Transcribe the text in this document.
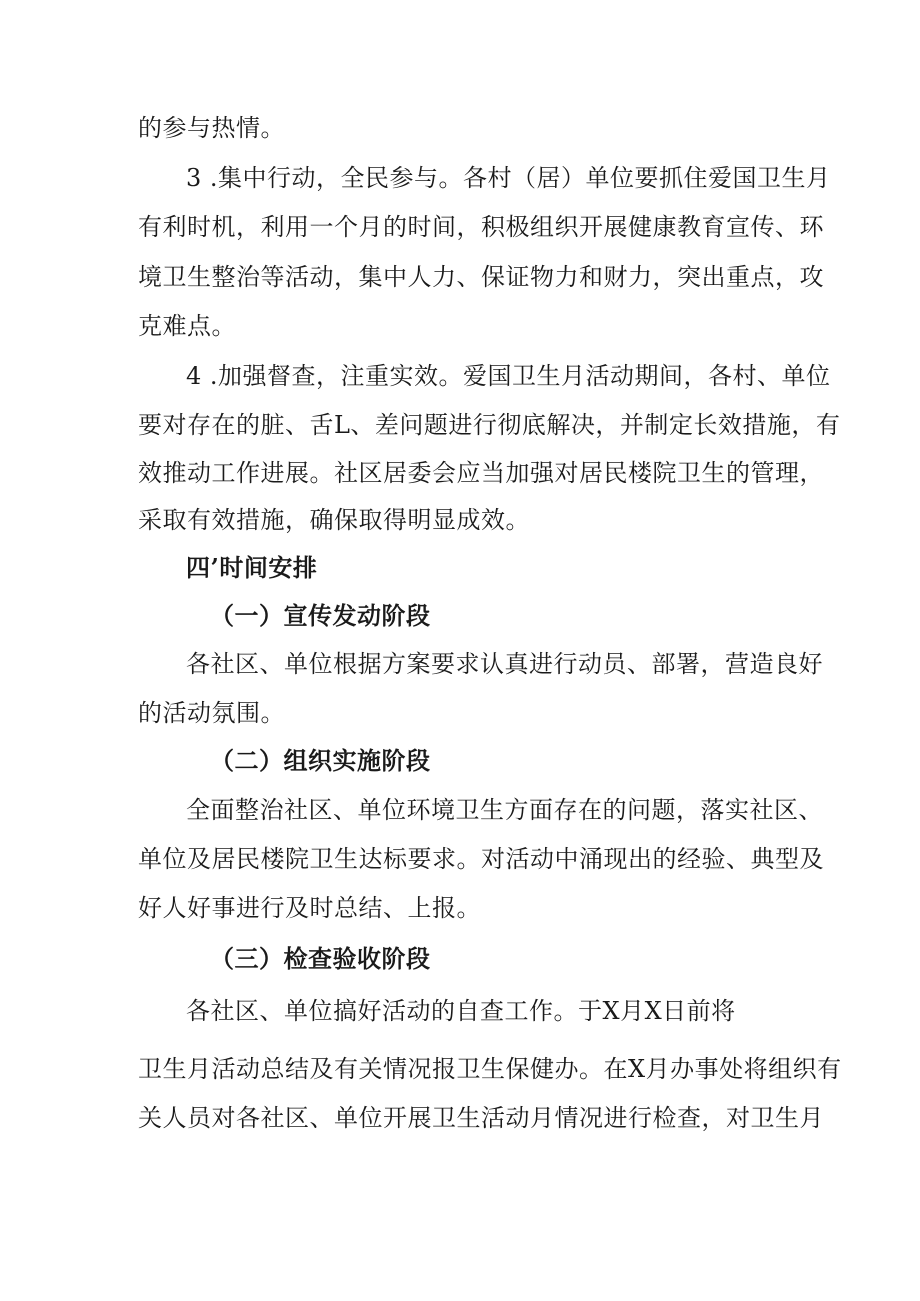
的参与热情。
3 .集中行动，全民参与。各村（居）单位要抓住爱国卫生月
有利时机，利用一个月的时间，积极组织开展健康教育宣传、环
境卫生整治等活动，集中人力、保证物力和财力，突出重点，攻
克难点。
4 .加强督查，注重实效。爱国卫生月活动期间，各村、单位
要对存在的脏、舌L、差问题进行彻底解决，并制定长效措施，有
效推动工作进展。社区居委会应当加强对居民楼院卫生的管理，
采取有效措施，确保取得明显成效。
四’时间安排
（一）宣传发动阶段
各社区、单位根据方案要求认真进行动员、部署，营造良好
的活动氛围。
（二）组织实施阶段
全面整治社区、单位环境卫生方面存在的问题，落实社区、
单位及居民楼院卫生达标要求。对活动中涌现出的经验、典型及
好人好事进行及时总结、上报。
（三）检查验收阶段
各社区、单位搞好活动的自查工作。于X月X日前将
卫生月活动总结及有关情况报卫生保健办。在X月办事处将组织有
关人员对各社区、单位开展卫生活动月情况进行检查，对卫生月
